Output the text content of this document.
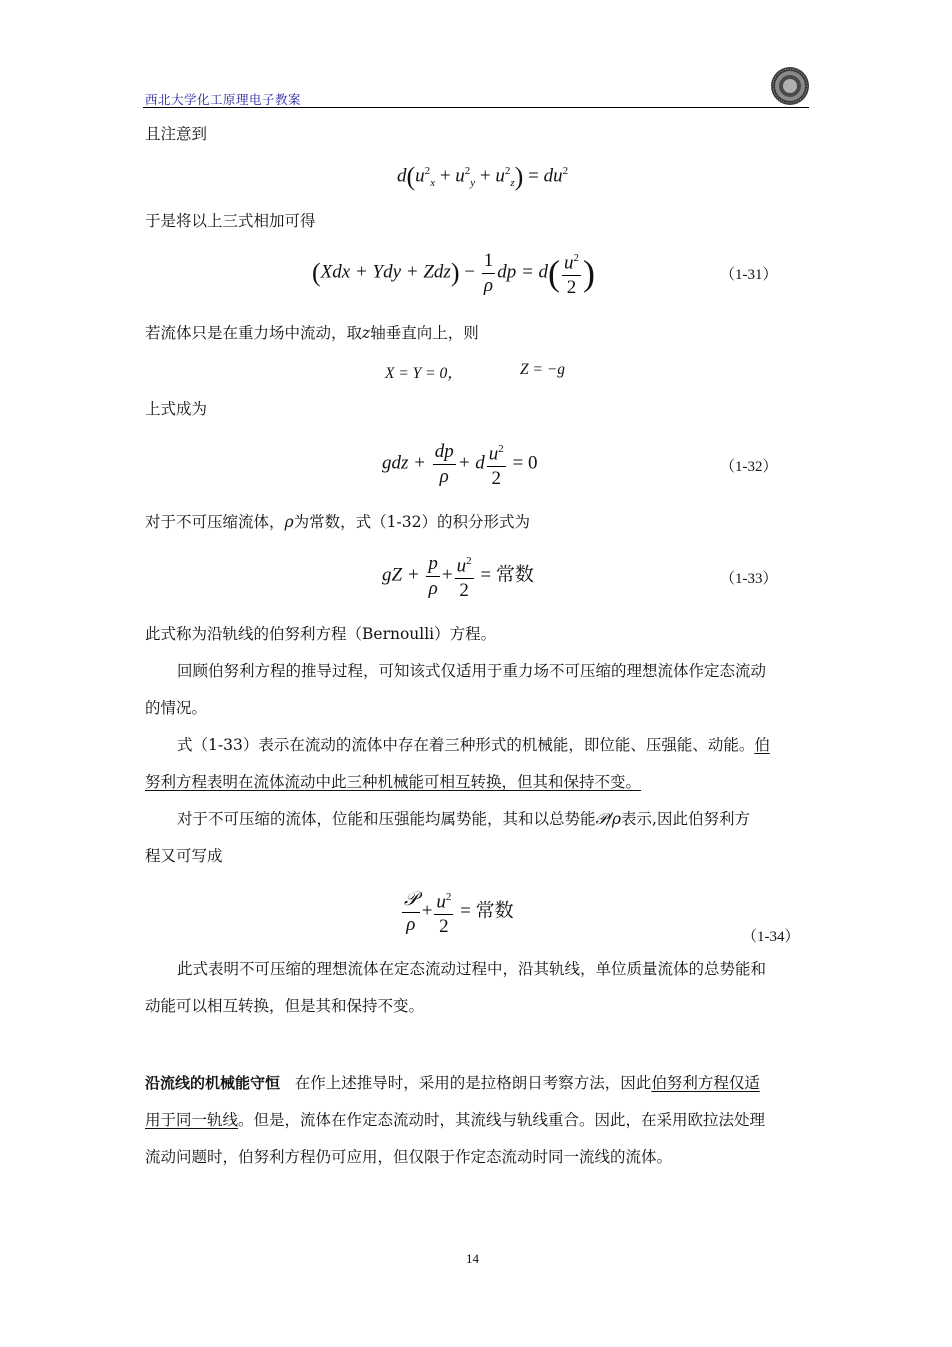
西北大学化工原理电子教案
且注意到
$d(u^2_x + u^2_y + u^2_z) = du^2$
于是将以上三式相加可得
(Xdx + Ydy + $Zdz) - \frac{1}{\rho}$ dp = $d( \frac{u^2}{2}$ )	（1-31）
若流体只是在重力场中流动，取z轴垂直向上，则
X = Y = 0，	Z = −g
上式成为
gdz + $\frac{dp}{\rho} + d \frac{u^2}{2} = 0$	（1-32）
对于不可压缩流体，ρ为常数，式（1-32）的积分形式为
gZ + $\frac{p}{\rho} + \frac{u^2}{2}$ = 常数	（1-33）
此式称为沿轨线的伯努利方程（Bernoulli）方程。
回顾伯努利方程的推导过程，可知该式仅适用于重力场不可压缩的理想流体作定态流动
的情况。
式（1-33）表示在流动的流体中存在着三种形式的机械能，即位能、压强能、动能。伯
努利方程表明在流体流动中此三种机械能可相互转换，但其和保持不变。
对于不可压缩的流体，位能和压强能均属势能，其和以总势能𝒫/ρ表示,因此伯努利方
程又可写成
$\frac{\text{𝒫}}{\rho} + \frac{u^2}{2}$ = 常数
（1-34）
此式表明不可压缩的理想流体在定态流动过程中，沿其轨线，单位质量流体的总势能和
动能可以相互转换，但是其和保持不变。
沿流线的机械能守恒 在作上述推导时，采用的是拉格朗日考察方法，因此伯努利方程仅适
用于同一轨线。但是，流体在作定态流动时，其流线与轨线重合。因此，在采用欧拉法处理
流动问题时，伯努利方程仍可应用，但仅限于作定态流动时同一流线的流体。
14
